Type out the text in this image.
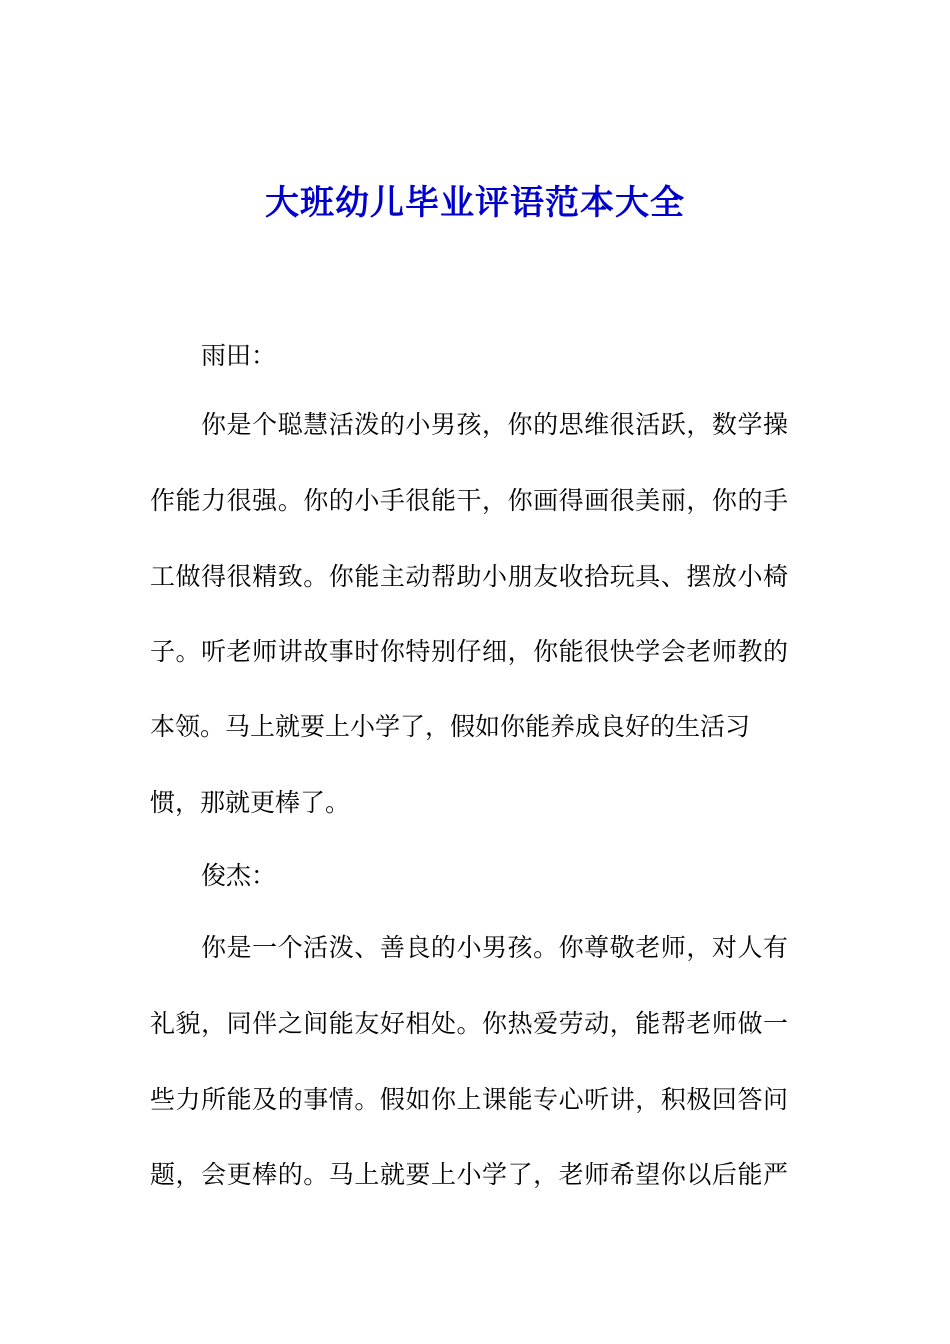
大班幼儿毕业评语范本大全

雨田：

你是个聪慧活泼的小男孩，你的思维很活跃，数学操

作能力很强。你的小手很能干，你画得画很美丽，你的手

工做得很精致。你能主动帮助小朋友收拾玩具、摆放小椅

子。听老师讲故事时你特别仔细，你能很快学会老师教的

本领。马上就要上小学了，假如你能养成良好的生活习

惯，那就更棒了。

俊杰：

你是一个活泼、善良的小男孩。你尊敬老师，对人有

礼貌，同伴之间能友好相处。你热爱劳动，能帮老师做一

些力所能及的事情。假如你上课能专心听讲，积极回答问

题，会更棒的。马上就要上小学了，老师希望你以后能严
